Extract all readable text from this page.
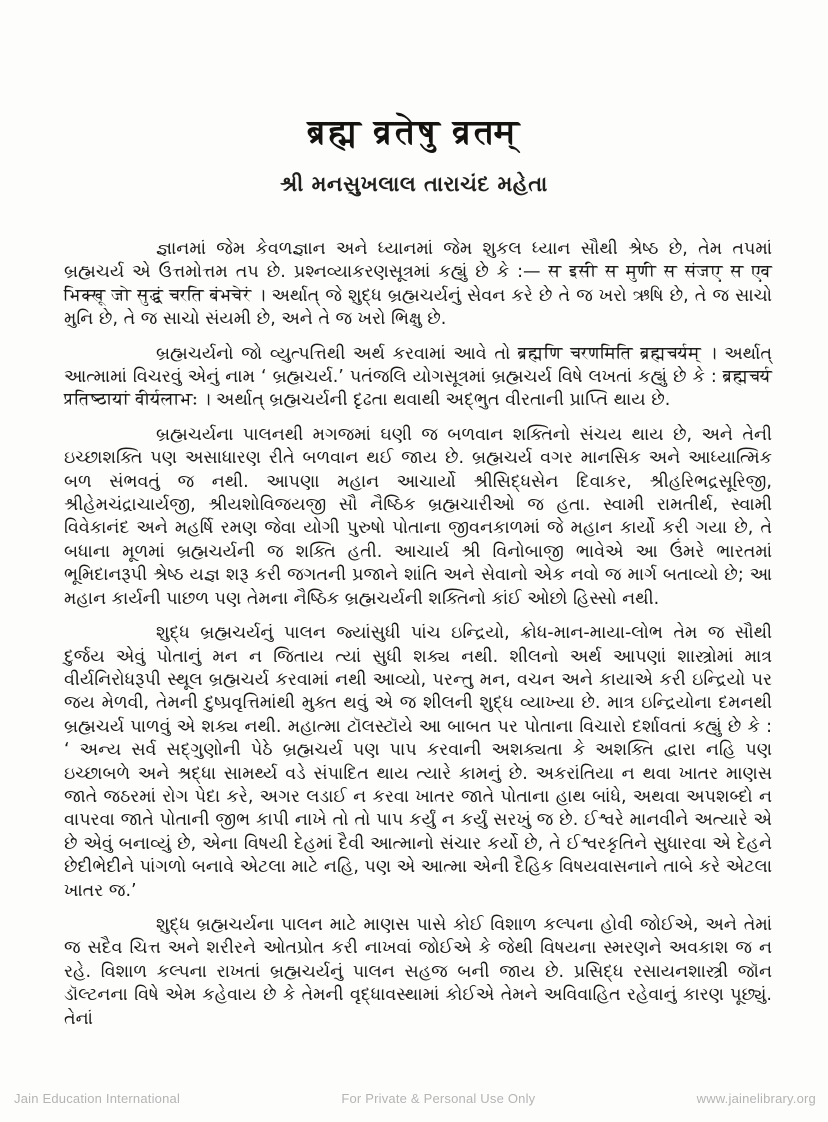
ब्रह्म व्रतेषु व्रतम्
શ્રી મનસુખલાલ તારાચંદ મહેતા

જ્ઞાનમાં જેમ કેવળજ્ઞાન અને ધ્યાનમાં જેમ શુકલ ધ્યાન સૌથી શ્રેષ્ઠ છે, તેમ તપમાં બ્રહ્મચર્ય એ ઉત્તમોત્તમ તપ છે. પ્રશ્નવ્યાકરણસૂત્રમાં કહ્યું છે કે :— स इसी स मुणी स संजए स एव भिक्खू जो सुद्धं चरति बंभचेरं । અર્થાત્ જે શુદ્ધ બ્રહ્મચર્યનું સેવન કરે છે તે જ ખરો ઋષિ છે, તે જ સાચો મુનિ છે, તે જ સાચો સંયમી છે, અને તે જ ખરો ભિક્ષુ છે.

બ્રહ્મચર્યનો જો વ્યુત્પત્તિથી અર્થ કરવામાં આવે તો ब्रह्मणि चरणमिति ब्रह्मचर्यम् । અર્થાત્ આત્મામાં વિચરવું એનું નામ ‘ બ્રહ્મચર્ય.’ પતંજલિ યોગસૂત્રમાં બ્રહ્મચર્ય વિષે લખતાં કહ્યું છે કે : ब्रह्मचर्य प्रतिष्ठायां वीर्यलाभः । અર્થાત્ બ્રહ્મચર્યની દૃઢતા થવાથી અદ્ભુત વીરતાની પ્રાપ્તિ થાય છે.

બ્રહ્મચર્યના પાલનથી મગજમાં ઘણી જ બળવાન શક્તિનો સંચય થાય છે, અને તેની ઇચ્છાશક્તિ પણ અસાધારણ રીતે બળવાન થઈ જાય છે. બ્રહ્મચર્ય વગર માનસિક અને આધ્યાત્મિક બળ સંભવતું જ નથી. આપણા મહાન આચાર્યો શ્રીસિદ્ધસેન દિવાકર, શ્રીહરિભદ્રસૂરિજી, શ્રીહેમચંદ્રાચાર્યજી, શ્રીયશોવિજયજી સૌ નૈષ્ઠિક બ્રહ્મચારીઓ જ હતા. સ્વામી રામતીર્થ, સ્વામી વિવેકાનંદ અને મહર્ષિ રમણ જેવા યોગી પુરુષો પોતાના જીવનકાળમાં જે મહાન કાર્યો કરી ગયા છે, તે બધાના મૂળમાં બ્રહ્મચર્યની જ શક્તિ હતી. આચાર્ય શ્રી વિનોબાજી ભાવેએ આ ઉંમરે ભારતમાં ભૂમિદાનરૂપી શ્રેષ્ઠ યજ્ઞ શરૂ કરી જગતની પ્રજાને શાંતિ અને સેવાનો એક નવો જ માર્ગ બતાવ્યો છે; આ મહાન કાર્યની પાછળ પણ તેમના નૈષ્ઠિક બ્રહ્મચર્યની શક્તિનો કાંઈ ઓછો હિસ્સો નથી.

શુદ્ધ બ્રહ્મચર્યનું પાલન જ્યાંસુધી પાંચ ઇન્દ્રિયો, ક્રોધ-માન-માયા-લોભ તેમ જ સૌથી દુર્જય એવું પોતાનું મન ન જિતાય ત્યાં સુધી શક્ય નથી. શીલનો અર્થ આપણાં શાસ્ત્રોમાં માત્ર વીર્યનિરોધરૂપી સ્થૂલ બ્રહ્મચર્ય કરવામાં નથી આવ્યો, પરન્તુ મન, વચન અને કાયાએ કરી ઇન્દ્રિયો પર જય મેળવી, તેમની દુષ્પ્રવૃત્તિમાંથી મુક્ત થવું એ જ શીલની શુદ્ધ વ્યાખ્યા છે. માત્ર ઇન્દ્રિયોના દમનથી બ્રહ્મચર્ય પાળવું એ શક્ય નથી. મહાત્મા ટૉલસ્ટૉયે આ બાબત પર પોતાના વિચારો દર્શાવતાં કહ્યું છે કે : ‘ અન્ય સર્વ સદ્ગુણોની પેઠે બ્રહ્મચર્ય પણ પાપ કરવાની અશક્યતા કે અશક્તિ દ્વારા નહિ પણ ઇચ્છાબળે અને શ્રદ્ધા સામર્થ્ય વડે સંપાદિત થાય ત્યારે કામનું છે. અકરાંતિયા ન થવા ખાતર માણસ જાતે જઠરમાં રોગ પેદા કરે, અગર લડાઈ ન કરવા ખાતર જાતે પોતાના હાથ બાંધે, અથવા અપશબ્દો ન વાપરવા જાતે પોતાની જીભ કાપી નાખે તો તો પાપ કર્યું ન કર્યું સરખું જ છે. ઈશ્વરે માનવીને અત્યારે એ છે એવું બનાવ્યું છે, એના વિષયી દેહમાં દૈવી આત્માનો સંચાર કર્યો છે, તે ઈશ્વરકૃતિને સુધારવા એ દેહને છેદીભેદીને પાંગળો બનાવે એટલા માટે નહિ, પણ એ આત્મા એની દૈહિક વિષયવાસનાને તાબે કરે એટલા ખાતર જ.’

શુદ્ધ બ્રહ્મચર્યના પાલન માટે માણસ પાસે કોઈ વિશાળ કલ્પના હોવી જોઈએ, અને તેમાં જ સદૈવ ચિત્ત અને શરીરને ઓતપ્રોત કરી નાખવાં જોઈએ કે જેથી વિષયના સ્મરણને અવકાશ જ ન રહે. વિશાળ કલ્પના રાખતાં બ્રહ્મચર્યનું પાલન સહજ બની જાય છે. પ્રસિદ્ધ રસાયનશાસ્ત્રી જૉન ડૉલ્ટનના વિષે એમ કહેવાય છે કે તેમની વૃદ્ધાવસ્થામાં કોઈએ તેમને અવિવાહિત રહેવાનું કારણ પૂછ્યું. તેનાં

Jain Education International	For Private & Personal Use Only	www.jainelibrary.org
